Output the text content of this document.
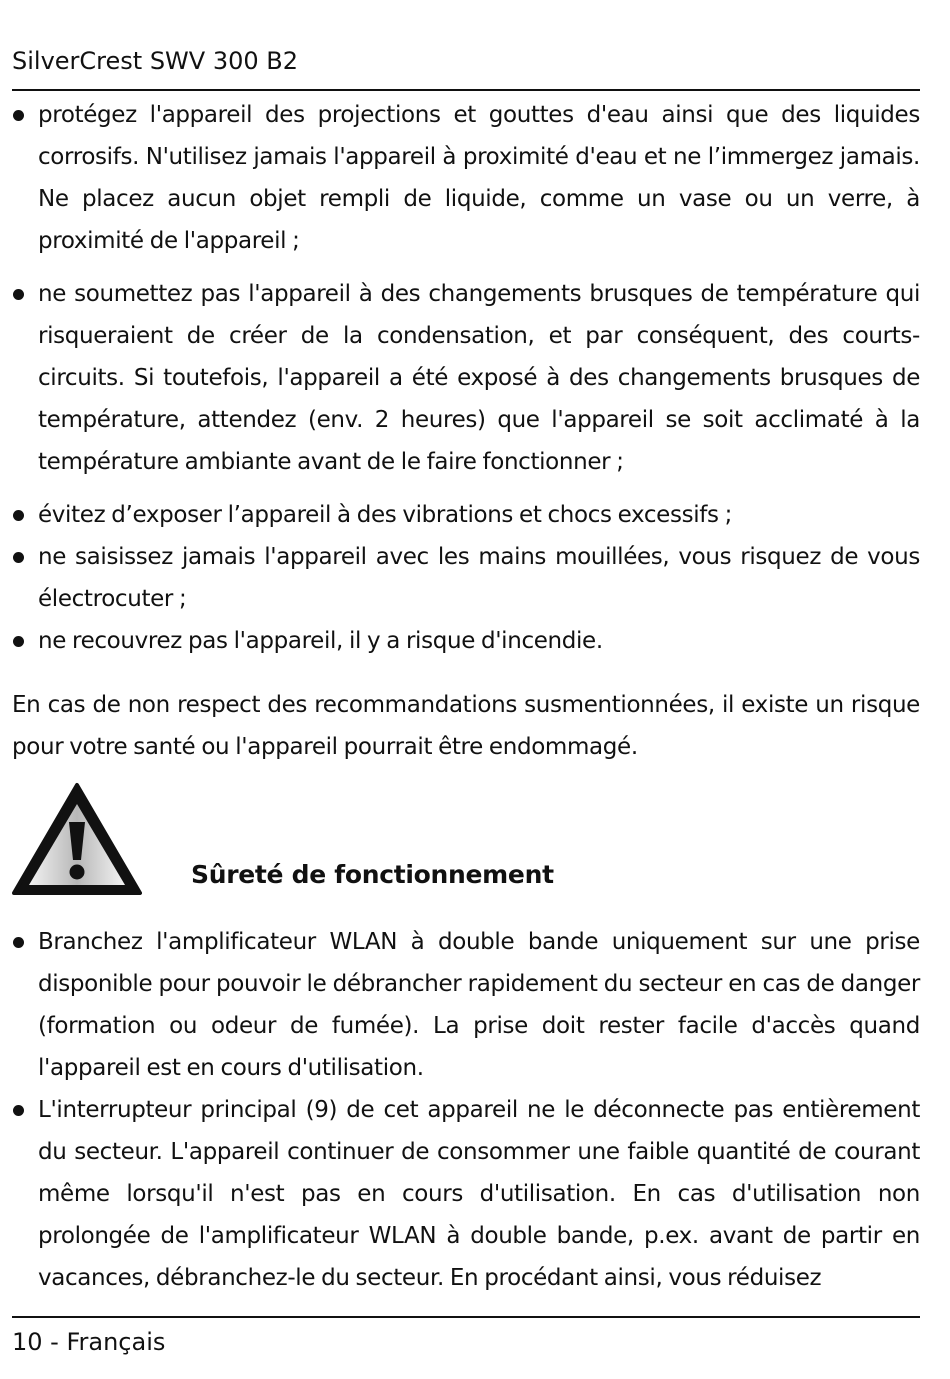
SilverCrest SWV 300 B2
protégez l'appareil des projections et gouttes d'eau ainsi que des liquides corrosifs. N'utilisez jamais l'appareil à proximité d'eau et ne l’immergez jamais. Ne placez aucun objet rempli de liquide, comme un vase ou un verre, à proximité de l'appareil ;
ne soumettez pas l'appareil à des changements brusques de température qui risqueraient de créer de la condensation, et par conséquent, des courts-circuits. Si toutefois, l'appareil a été exposé à des changements brusques de température, attendez (env. 2 heures) que l'appareil se soit acclimaté à la température ambiante avant de le faire fonctionner ;
évitez d’exposer l’appareil à des vibrations et chocs excessifs ;
ne saisissez jamais l'appareil avec les mains mouillées, vous risquez de vous électrocuter ;
ne recouvrez pas l'appareil, il y a risque d'incendie.

En cas de non respect des recommandations susmentionnées, il existe un risque pour votre santé ou l'appareil pourrait être endommagé.

Sûreté de fonctionnement
Branchez l'amplificateur WLAN à double bande uniquement sur une prise disponible pour pouvoir le débrancher rapidement du secteur en cas de danger (formation ou odeur de fumée). La prise doit rester facile d'accès quand l'appareil est en cours d'utilisation.
L'interrupteur principal (9) de cet appareil ne le déconnecte pas entièrement du secteur. L'appareil continuer de consommer une faible quantité de courant même lorsqu'il n'est pas en cours d'utilisation. En cas d'utilisation non prolongée de l'amplificateur WLAN à double bande, p.ex. avant de partir en vacances, débranchez-le du secteur. En procédant ainsi, vous réduisez
10 - Français
